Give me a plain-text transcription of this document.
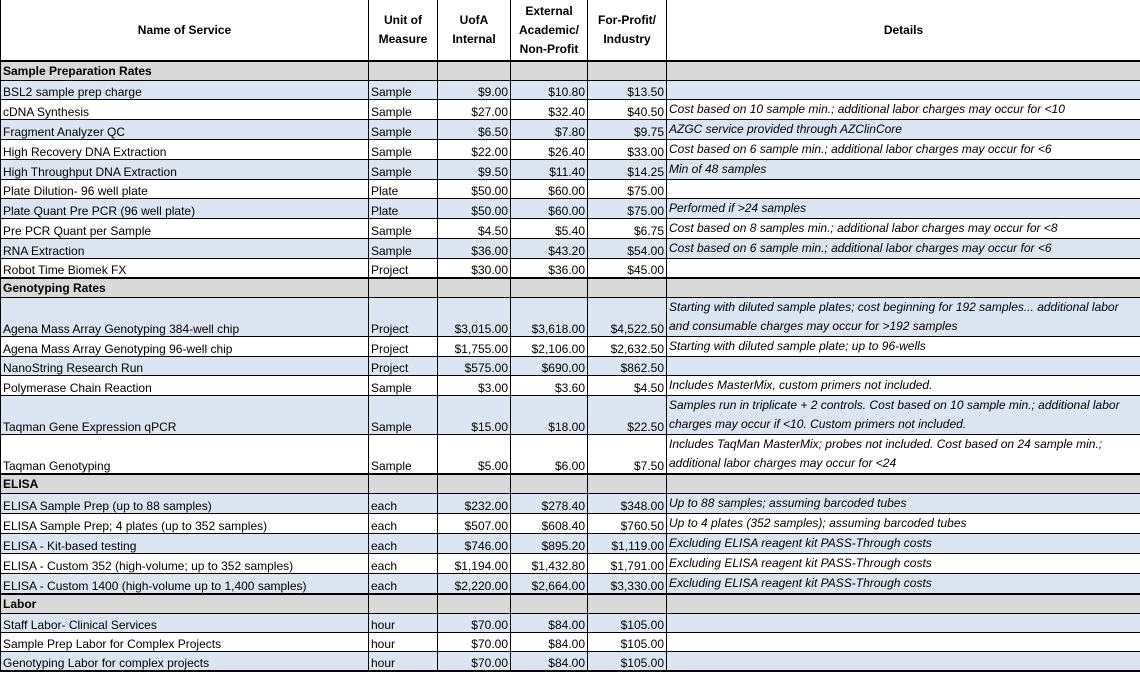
Name of Service	Unit of Measure	UofA Internal	External Academic/ Non-Profit	For-Profit/ Industry	Details
Sample Preparation Rates					
BSL2 sample prep charge	Sample	$9.00	$10.80	$13.50	
cDNA Synthesis	Sample	$27.00	$32.40	$40.50	Cost based on 10 sample min.; additional labor charges may occur for <10
Fragment Analyzer QC	Sample	$6.50	$7.80	$9.75	AZGC service provided through AZClinCore
High Recovery DNA Extraction	Sample	$22.00	$26.40	$33.00	Cost based on 6 sample min.; additional labor charges may occur for <6
High Throughput DNA Extraction	Sample	$9.50	$11.40	$14.25	Min of 48 samples
Plate Dilution- 96 well plate	Plate	$50.00	$60.00	$75.00	
Plate Quant Pre PCR (96 well plate)	Plate	$50.00	$60.00	$75.00	Performed if >24 samples
Pre PCR Quant per Sample	Sample	$4.50	$5.40	$6.75	Cost based on 8 samples min.; additional labor charges may occur for <8
RNA Extraction	Sample	$36.00	$43.20	$54.00	Cost based on 6 sample min.; additional labor charges may occur for <6
Robot Time Biomek FX	Project	$30.00	$36.00	$45.00	
Genotyping Rates					
Agena Mass Array Genotyping 384-well chip	Project	$3,015.00	$3,618.00	$4,522.50	Starting with diluted sample plates; cost beginning for 192 samples... additional labor and consumable charges may occur for >192 samples
Agena Mass Array Genotyping 96-well chip	Project	$1,755.00	$2,106.00	$2,632.50	Starting with diluted sample plate; up to 96-wells
NanoString Research Run	Project	$575.00	$690.00	$862.50	
Polymerase Chain Reaction	Sample	$3.00	$3.60	$4.50	Includes MasterMix, custom primers not included.
Taqman Gene Expression qPCR	Sample	$15.00	$18.00	$22.50	Samples run in triplicate + 2 controls. Cost based on 10 sample min.; additional labor charges may occur if <10. Custom primers not included.
Taqman Genotyping	Sample	$5.00	$6.00	$7.50	Includes TaqMan MasterMix; probes not included. Cost based on 24 sample min.; additional labor charges may occur for <24
ELISA					
ELISA Sample Prep (up to 88 samples)	each	$232.00	$278.40	$348.00	Up to 88 samples; assuming barcoded tubes
ELISA Sample Prep; 4 plates (up to 352 samples)	each	$507.00	$608.40	$760.50	Up to 4 plates (352 samples); assuming barcoded tubes
ELISA - Kit-based testing	each	$746.00	$895.20	$1,119.00	Excluding ELISA reagent kit PASS-Through costs
ELISA - Custom 352 (high-volume; up to 352 samples)	each	$1,194.00	$1,432.80	$1,791.00	Excluding ELISA reagent kit PASS-Through costs
ELISA - Custom 1400 (high-volume up to 1,400 samples)	each	$2,220.00	$2,664.00	$3,330.00	Excluding ELISA reagent kit PASS-Through costs
Labor					
Staff Labor- Clinical Services	hour	$70.00	$84.00	$105.00	
Sample Prep Labor for Complex Projects	hour	$70.00	$84.00	$105.00	
Genotyping Labor for complex projects	hour	$70.00	$84.00	$105.00	
